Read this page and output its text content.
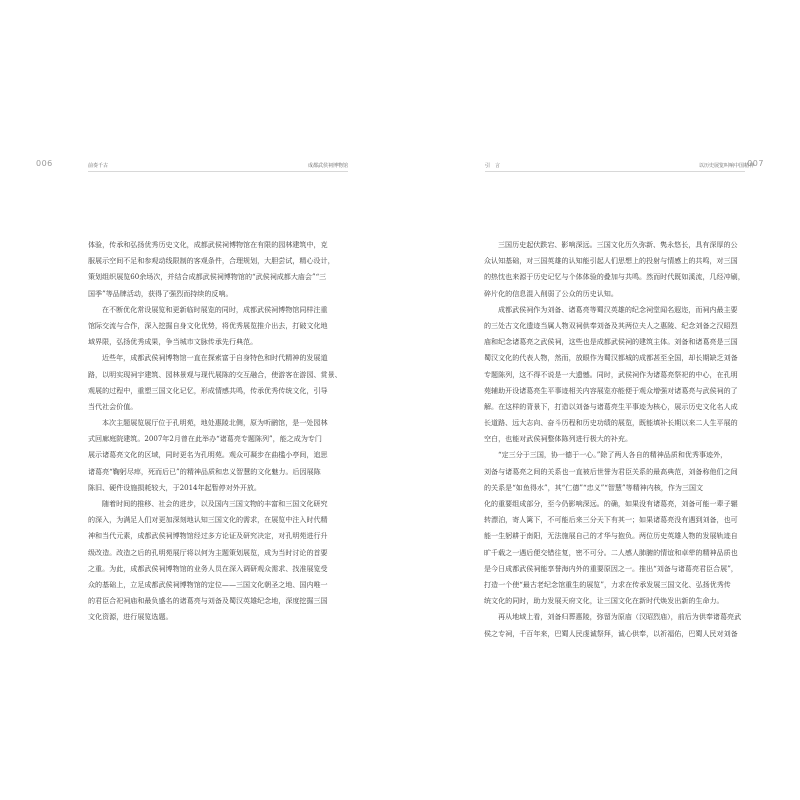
006	前奏千古	成都武侯祠博物馆
体验，传承和弘扬优秀历史文化，成都武侯祠博物馆在有限的园林建筑中，克
服展示空间不足和参观动线限制的客观条件，合理规划，大胆尝试，精心设计，
策划组织展览60余场次，并结合成都武侯祠博物馆的“武侯祠成都大庙会”“三
国季”等品牌活动，获得了强烈而持续的反响。
在不断优化常设展览和更新临时展览的同时，成都武侯祠博物馆同样注重
馆际交流与合作，深入挖掘自身文化优势，将优秀展览推介出去，打破文化地
域界限，弘扬优秀成果，争当城市文脉传承先行典范。
近些年，成都武侯祠博物馆一直在探索富于自身特色和时代精神的发展道
路，以明实现祠宇建筑、园林景观与现代展陈的交互融合，使游客在游园、赏景、
观展的过程中，重塑三国文化记忆，形成情感共鸣，传承优秀传统文化，引导
当代社会价值。
本次主题展览展厅位于孔明苑，地处惠陵北侧，原为听鹂馆，是一处园林
式回廊庭院建筑。2007年2月曾在此举办“诸葛亮专题陈列”，能之成为专门
展示诸葛亮文化的区域，同时更名为孔明苑。观众可凝步在曲槛小亭间，追思
诸葛亮“鞠躬尽瘁，死而后已”的精神品质和忠义智慧的文化魅力。后因展陈
陈旧、硬件设施损耗较大，于2014年起暂停对外开放。
随着时间的推移、社会的进步，以及国内三国文物的丰富和三国文化研究
的深入，为满足人们对更加深刻地认知三国文化的需求，在展览中注入时代精
神和当代元素，成都武侯祠博物馆经过多方论证及研究决定，对孔明苑进行升
级改造。改造之后的孔明苑展厅将以何为主题策划展览，成为当时讨论的首要
之重。为此，成都武侯祠博物馆的业务人员在深入调研观众需求、找准展览受
众的基础上，立足成都武侯祠博物馆的定位——三国文化朝圣之地、国内唯一
的君臣合祀祠庙和最负盛名的诸葛亮与刘备及蜀汉英雄纪念地，深度挖掘三国
文化资源，进行展览选题。
引　言	以历史展览叫响中国精神
007
三国历史起伏跌宕、影响深远。三国文化历久弥新、隽永悠长，具有深厚的公
众认知基础，对三国英雄的认知能引起人们思想上的投射与情感上的共鸣，对三国
的热忱也来源于历史记忆与个体体验的叠加与共鸣。然而时代既如溪流，几经冲刷，
碎片化的信息混入削弱了公众的历史认知。
成都武侯祠作为刘备、诸葛亮等蜀汉英雄的纪念祠堂闻名遐迩，而祠内最主要
的三处古文化遗迹当属人物双祠供奉刘备及其两位夫人之惠陵、纪念刘备之汉昭烈
庙和纪念诸葛亮之武侯祠，这些也是成都武侯祠的建筑主体。刘备和诸葛亮是三国
蜀汉文化的代表人物，然而，放眼作为蜀汉都城的成都甚至全国，却长期缺乏刘备
专题陈列，这不得不说是一大遗憾。同时，武侯祠作为诸葛亮祭祀的中心，在孔明
苑辅助开设诸葛亮生平事迹相关内容展览亦能便于观众增强对诸葛亮与武侯祠的了
解。在这样的背景下，打造以刘备与诸葛亮生平事迹为核心，展示历史文化名人成
长道路、远大志向、奋斗历程和历史功绩的展览，既能填补长期以来二人生平展的
空白，也能对武侯祠整体陈列进行极大的补充。
“定三分于三国，协一德于一心。”除了两人各自的精神品质和优秀事迹外，
刘备与诸葛亮之间的关系也一直被后世誉为君臣关系的最高典范，刘备称他们之间
的关系是“如鱼得水”，其“仁德”“忠义”“智慧”等精神内核，作为三国文
化的重要组成部分，至今仍影响深远。的确，如果没有诸葛亮，刘备可能一辈子辗
转漂泊，寄人篱下，不可能后来三分天下有其一；如果诸葛亮没有遇到刘备，也可
能一生躬耕于南阳，无法施展自己的才华与抱负。两位历史英雄人物的发展轨迹自
旷千载之一遇后便交错往复，密不可分。二人感人肺腑的情谊和卓荦的精神品质也
是今日成都武侯祠能享誉海内外的重要原因之一。推出“刘备与诸葛亮君臣合展”，
打造一个使“最古老纪念馆重生的展览”，力求在传承发展三国文化、弘扬优秀传
统文化的同时，助力发展天府文化，让三国文化在新时代焕发出新的生命力。
再从地域上看，刘备归葬惠陵，弥留为原庙（汉昭烈庙），前后为供奉诸葛亮武
侯之专祠，千百年来，巴蜀人民虔诚祭拜，诚心供奉，以祈福佑，巴蜀人民对刘备
